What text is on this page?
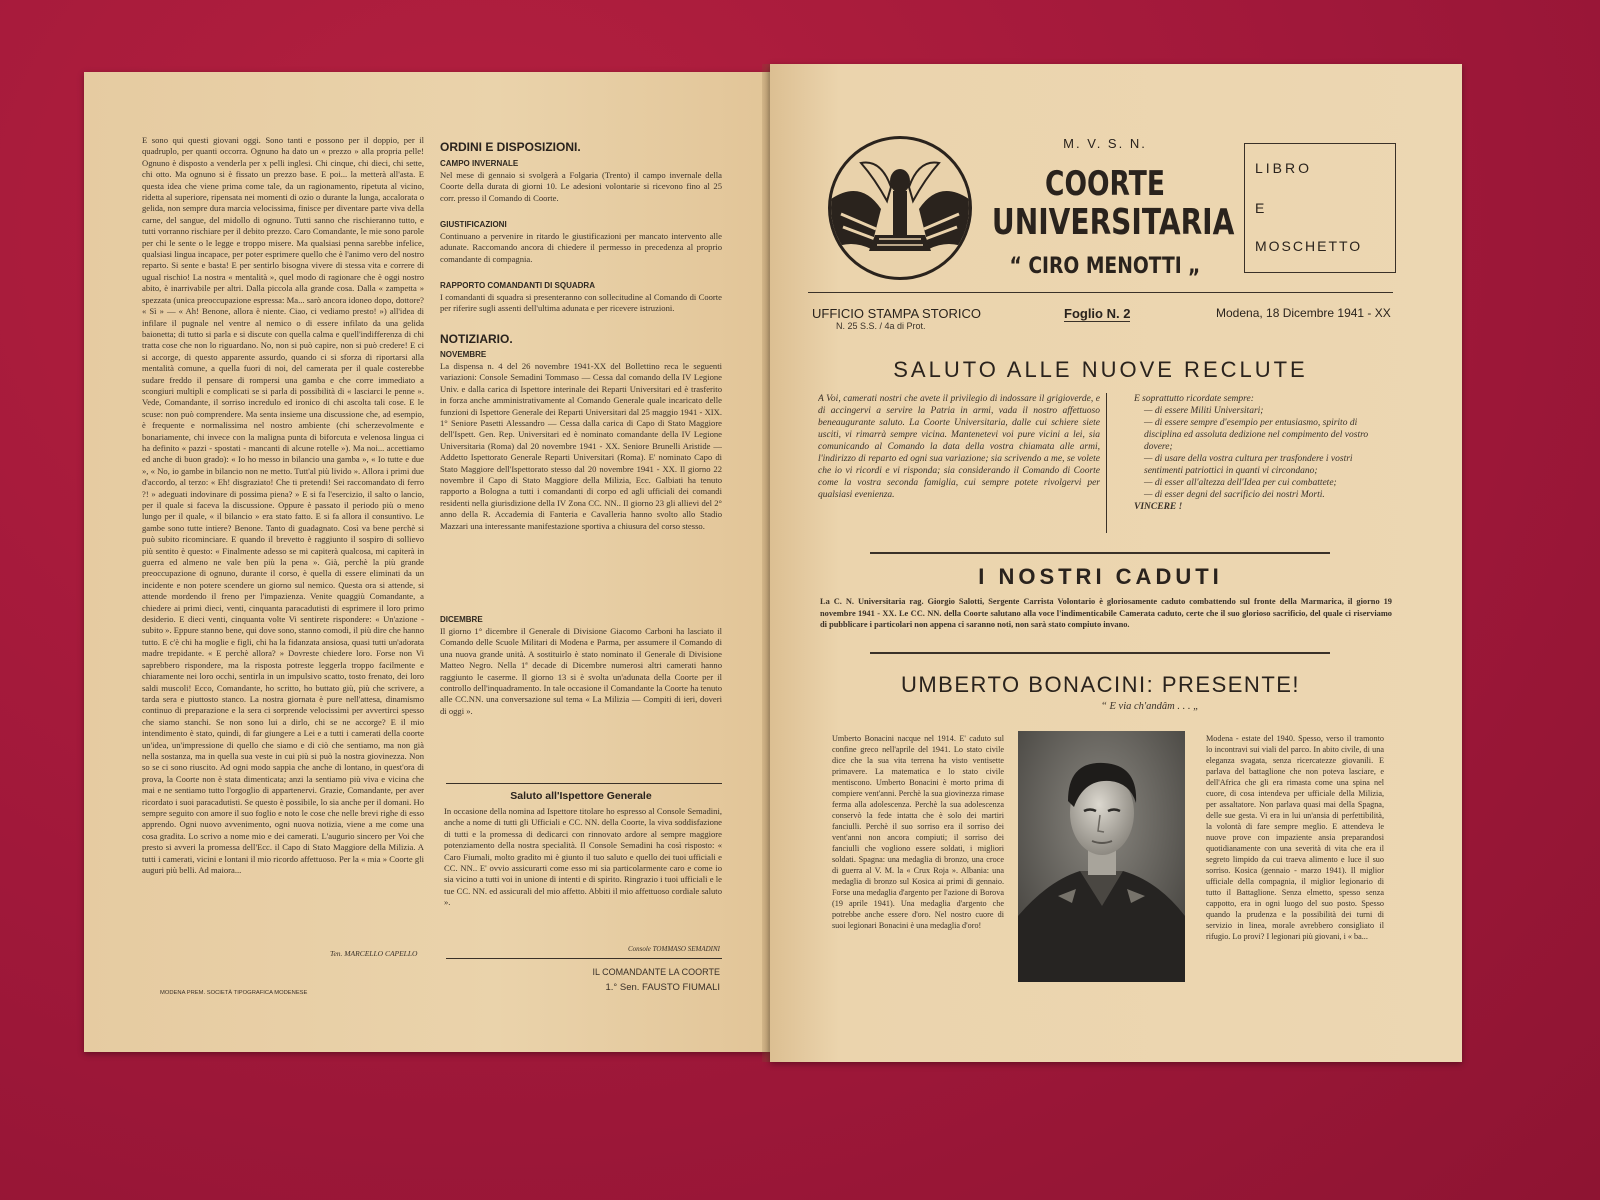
E sono qui questi giovani oggi. Sono tanti e possono per il doppio, per il quadruplo, per quanti occorra. Ognuno ha dato un « prezzo » alla propria pelle! Ognuno è disposto a venderla per x pelli inglesi. Chi cinque, chi dieci, chi sette, chi otto. Ma ognuno si è fissato un prezzo base. E poi... la metterà all'asta. E questa idea che viene prima come tale, da un ragionamento, ripetuta al vicino, ridetta al superiore, ripensata nei momenti di ozio o durante la lunga, accalorata o gelida, non sempre dura marcia velocissima, finisce per diventare parte viva della carne, del sangue, del midollo di ognuno. Tutti sanno che rischieranno tutto, e tutti vorranno rischiare per il debito prezzo. Caro Comandante, le mie sono parole per chi le sente o le legge e troppo misere. Ma qualsiasi penna sarebbe infelice, qualsiasi lingua incapace, per poter esprimere quello che è l'animo vero del nostro reparto. Si sente e basta! E per sentirlo bisogna vivere di stessa vita e correre di ugual rischio! La nostra « mentalità », quel modo di ragionare che è oggi nostro abito, è inarrivabile per altri. Dalla piccola alla grande cosa. Dalla « zampetta » spezzata (unica preoccupazione espressa: Ma... sarò ancora idoneo dopo, dottore? « Sì » — « Ah! Benone, allora è niente. Ciao, ci vediamo presto! ») all'idea di infilare il pugnale nel ventre al nemico o di essere infilato da una gelida baionetta; di tutto si parla e si discute con quella calma e quell'indifferenza di chi tratta cose che non lo riguardano. No, non si può capire, non si può credere! E ci si accorge, di questo apparente assurdo, quando ci si sforza di riportarsi alla mentalità comune, a quella fuori di noi, del camerata per il quale costerebbe sudare freddo il pensare di rompersi una gamba e che corre immediato a scongiuri multipli e complicati se si parla di possibilità di « lasciarci le penne ». Vede, Comandante, il sorriso incredulo ed ironico di chi ascolta tali cose. E le scuse: non può comprendere. Ma senta insieme una discussione che, ad esempio, è frequente e normalissima nel nostro ambiente (chi scherzevolmente e bonariamente, chi invece con la maligna punta di biforcuta e velenosa lingua ci ha definito « pazzi - spostati - mancanti di alcune rotelle »). Ma noi... accettiamo ed anche di buon grado): « Io ho messo in bilancio una gamba », « Io tutte e due », « No, io gambe in bilancio non ne metto. Tutt'al più livido ». Allora i primi due d'accordo, al terzo: « Eh! disgraziato! Che ti pretendi! Sei raccomandato di ferro ?! » adeguati indovinare di possima piena? » E si fa l'esercizio, il salto o lancio, per il quale si faceva la discussione. Oppure è passato il periodo più o meno lungo per il quale, « il bilancio » era stato fatto. E si fa allora il consuntivo. Le gambe sono tutte intiere? Benone. Tanto di guadagnato. Così va bene perchè si può subito ricominciare. E quando il brevetto è raggiunto il sospiro di sollievo più sentito è questo: « Finalmente adesso se mi capiterà qualcosa, mi capiterà in guerra ed almeno ne vale ben più la pena ». Già, perchè la più grande preoccupazione di ognuno, durante il corso, è quella di essere eliminati da un incidente e non potere scendere un giorno sul nemico. Questa ora si attende, si attende mordendo il freno per l'impazienza. Venite quaggiù Comandante, a chiedere ai primi dieci, venti, cinquanta paracadutisti di esprimere il loro primo desiderio. E dieci venti, cinquanta volte Vi sentirete rispondere: « Un'azione - subito ». Eppure stanno bene, qui dove sono, stanno comodi, il più dire che hanno tutto. E c'è chi ha moglie e figli, chi ha la fidanzata ansiosa, quasi tutti un'adorata madre trepidante. « E perchè allora? » Dovreste chiedere loro. Forse non Vi saprebbero rispondere, ma la risposta potreste leggerla troppo facilmente e chiaramente nei loro occhi, sentirla in un impulsivo scatto, tosto frenato, dei loro saldi muscoli! Ecco, Comandante, ho scritto, ho buttato giù, più che scrivere, a tarda sera e piuttosto stanco. La nostra giornata è pure nell'attesa, dinamismo continuo di preparazione e la sera ci sorprende velocissimi per avvertirci spesso che siamo stanchi. Se non sono lui a dirlo, chi se ne accorge? E il mio intendimento è stato, quindi, di far giungere a Lei e a tutti i camerati della coorte un'idea, un'impressione di quello che siamo e di ciò che sentiamo, ma non già nella sostanza, ma in quella sua veste in cui più si può la nostra giovinezza. Non so se ci sono riuscito. Ad ogni modo sappia che anche di lontano, in quest'ora di prova, la Coorte non è stata dimenticata; anzi la sentiamo più viva e vicina che mai e ne sentiamo tutto l'orgoglio di appartenervi. Grazie, Comandante, per aver ricordato i suoi paracadutisti. Se questo è possibile, lo sia anche per il domani. Ho sempre seguito con amore il suo foglio e noto le cose che nelle brevi righe di esso apprendo. Ogni nuovo avvenimento, ogni nuova notizia, viene a me come una cosa gradita. Lo scrivo a nome mio e dei camerati. L'augurio sincero per Voi che presto si avveri la promessa dell'Ecc. il Capo di Stato Maggiore della Milizia. A tutti i camerati, vicini e lontani il mio ricordo affettuoso. Per la « mia » Coorte gli auguri più belli. Ad maiora...
Ten. MARCELLO CAPELLO
MODENA PREM. SOCIETÀ TIPOGRAFICA MODENESE
ORDINI E DISPOSIZIONI.
CAMPO INVERNALE
Nel mese di gennaio si svolgerà a Folgaria (Trento) il campo invernale della Coorte della durata di giorni 10. Le adesioni volontarie si ricevono fino al 25 corr. presso il Comando di Coorte.
GIUSTIFICAZIONI
Continuano a pervenire in ritardo le giustificazioni per mancato intervento alle adunate. Raccomando ancora di chiedere il permesso in precedenza al proprio comandante di compagnia.
RAPPORTO COMANDANTI DI SQUADRA
I comandanti di squadra si presenteranno con sollecitudine al Comando di Coorte per riferire sugli assenti dell'ultima adunata e per ricevere istruzioni.
NOTIZIARIO.
NOVEMBRE
La dispensa n. 4 del 26 novembre 1941-XX del Bollettino reca le seguenti variazioni: Console Semadini Tommaso — Cessa dal comando della IV Legione Univ. e dalla carica di Ispettore interinale dei Reparti Universitari ed è trasferito in forza anche amministrativamente al Comando Generale quale incaricato delle funzioni di Ispettore Generale dei Reparti Universitari dal 25 maggio 1941 - XIX. 1° Seniore Pasetti Alessandro — Cessa dalla carica di Capo di Stato Maggiore dell'Ispett. Gen. Rep. Universitari ed è nominato comandante della IV Legione Universitaria (Roma) dal 20 novembre 1941 - XX. Seniore Brunelli Aristide — Addetto Ispettorato Generale Reparti Universitari (Roma). E' nominato Capo di Stato Maggiore dell'Ispettorato stesso dal 20 novembre 1941 - XX. Il giorno 22 novembre il Capo di Stato Maggiore della Milizia, Ecc. Galbiati ha tenuto rapporto a Bologna a tutti i comandanti di corpo ed agli ufficiali dei comandi residenti nella giurisdizione della IV Zona CC. NN.. Il giorno 23 gli allievi del 2° anno della R. Accademia di Fanteria e Cavalleria hanno svolto allo Stadio Mazzari una interessante manifestazione sportiva a chiusura del corso stesso.
DICEMBRE
Il giorno 1° dicembre il Generale di Divisione Giacomo Carboni ha lasciato il Comando delle Scuole Militari di Modena e Parma, per assumere il Comando di una nuova grande unità. A sostituirlo è stato nominato il Generale di Divisione Matteo Negro. Nella 1ª decade di Dicembre numerosi altri camerati hanno raggiunto le caserme. Il giorno 13 si è svolta un'adunata della Coorte per il controllo dell'inquadramento. In tale occasione il Comandante la Coorte ha tenuto alle CC.NN. una conversazione sul tema « La Milizia — Compiti di ieri, doveri di oggi ».
Saluto all'Ispettore Generale
In occasione della nomina ad Ispettore titolare ho espresso al Console Semadini, anche a nome di tutti gli Ufficiali e CC. NN. della Coorte, la viva soddisfazione di tutti e la promessa di dedicarci con rinnovato ardore al sempre maggiore potenziamento della nostra specialità. Il Console Semadini ha così risposto: « Caro Fiumali, molto gradito mi è giunto il tuo saluto e quello dei tuoi ufficiali e CC. NN.. E' ovvio assicurarti come esso mi sia particolarmente caro e come io sia vicino a tutti voi in unione di intenti e di spirito. Ringrazio i tuoi ufficiali e le tue CC. NN. ed assicurali del mio affetto. Abbiti il mio affettuoso cordiale saluto ».
Console TOMMASO SEMADINI
IL COMANDANTE LA COORTE
1.° Sen. FAUSTO FIUMALI
M. V. S. N.
COORTE
UNIVERSITARIA
“ CIRO MENOTTI „
LIBRO
E
MOSCHETTO
UFFICIO STAMPA STORICO
N. 25 S.S. / 4a di Prot.
Foglio N. 2	Modena, 18 Dicembre 1941 - XX
SALUTO ALLE NUOVE RECLUTE
A Voi, camerati nostri che avete il privilegio di indossare il grigioverde, e di accingervi a servire la Patria in armi, vada il nostro affettuoso beneaugurante saluto. La Coorte Universitaria, dalle cui schiere siete usciti, vi rimarrà sempre vicina. Mantenetevi voi pure vicini a lei, sia comunicando al Comando la data della vostra chiamata alle armi, l'indirizzo di reparto ed ogni sua variazione; sia scrivendo a me, se volete che io vi ricordi e vi risponda; sia considerando il Comando di Coorte come la vostra seconda famiglia, cui sempre potete rivolgervi per qualsiasi evenienza.
E soprattutto ricordate sempre:
— di essere Militi Universitari;
— di essere sempre d'esempio per entusiasmo, spirito di disciplina ed assoluta dedizione nel compimento del vostro dovere;
— di usare della vostra cultura per trasfondere i vostri sentimenti patriottici in quanti vi circondano;
— di esser all'altezza dell'Idea per cui combattete;
— di esser degni del sacrificio dei nostri Morti.
VINCERE !
I NOSTRI CADUTI
La C. N. Universitaria rag. Giorgio Salotti, Sergente Carrista Volontario è gloriosamente caduto combattendo sul fronte della Marmarica, il giorno 19 novembre 1941 - XX. Le CC. NN. della Coorte salutano alla voce l'indimenticabile Camerata caduto, certe che il suo glorioso sacrificio, del quale ci riserviamo di pubblicare i particolari non appena ci saranno noti, non sarà stato compiuto invano.
UMBERTO BONACINI: PRESENTE!
“ E via ch'andâm . . . „
Umberto Bonacini nacque nel 1914. E' caduto sul confine greco nell'aprile del 1941. Lo stato civile dice che la sua vita terrena ha visto ventisette primavere. La matematica e lo stato civile mentiscono. Umberto Bonacini è morto prima di compiere vent'anni. Perchè la sua giovinezza rimase ferma alla adolescenza. Perchè la sua adolescenza conservò la fede intatta che è solo dei martiri fanciulli. Perchè il suo sorriso era il sorriso dei vent'anni non ancora compiuti; il sorriso dei fanciulli che vogliono essere soldati, i migliori soldati. Spagna: una medaglia di bronzo, una croce di guerra al V. M. la « Crux Roja ». Albania: una medaglia di bronzo sul Kosica ai primi di gennaio. Forse una medaglia d'argento per l'azione di Borova (19 aprile 1941). Una medaglia d'argento che potrebbe anche essere d'oro. Nel nostro cuore di suoi legionari Bonacini è una medaglia d'oro!
Modena - estate del 1940. Spesso, verso il tramonto lo incontravi sui viali del parco. In abito civile, di una eleganza svagata, senza ricercatezze giovanili. E parlava del battaglione che non poteva lasciare, e dell'Africa che gli era rimasta come una spina nel cuore, di cosa intendeva per ufficiale della Milizia, per assaltatore. Non parlava quasi mai della Spagna, delle sue gesta. Vi era in lui un'ansia di perfettibilità, la volontà di fare sempre meglio. E attendeva le nuove prove con impaziente ansia preparandosi quotidianamente con una severità di vita che era il segreto limpido da cui traeva alimento e luce il suo sorriso. Kosica (gennaio - marzo 1941). Il miglior ufficiale della compagnia, il miglior legionario di tutto il Battaglione. Senza elmetto, spesso senza cappotto, era in ogni luogo del suo posto. Spesso quando la prudenza e la possibilità dei turni di servizio in linea, morale avrebbero consigliato il rifugio. Lo provi? I legionari più giovani, i « ba...
